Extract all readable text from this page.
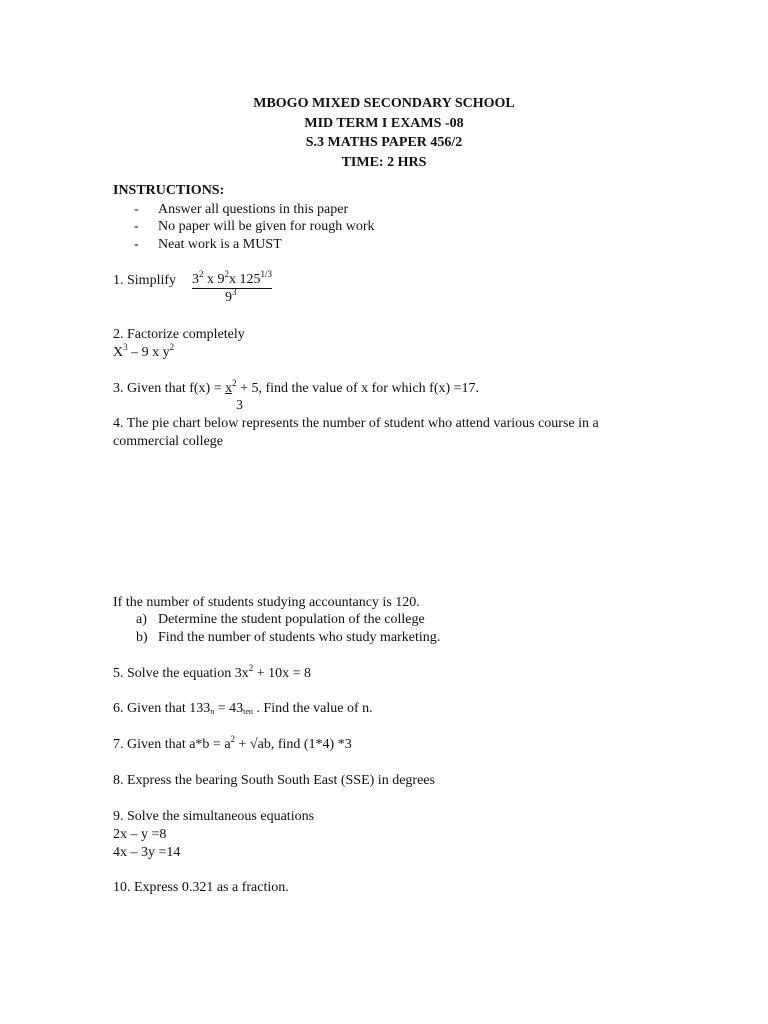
MBOGO MIXED SECONDARY SCHOOL
MID TERM I EXAMS -08
S.3 MATHS PAPER 456/2
TIME: 2 HRS
INSTRUCTIONS:
- Answer all questions in this paper
- No paper will be given for rough work
- Neat work is a MUST
1. Simplify $3^2$ x $9^2x$ $125^{1/3}$
$9^3$
2. Factorize completely
$X^3 - 9$ x $y^2$
3. Given that $f(x) = x^2 + 5$, find the value of x for which f(x) =17.
3
4. The pie chart below represents the number of student who attend various course in a
commercial college
If the number of students studying accountancy is 120.
a) Determine the student population of the college
b) Find the number of students who study marketing.
5. Solve the equation $3x^2 + 10x = 8$
6. Given that $133_n = 43_{ten}$ . Find the value of n.
7. Given that $a*b = a^2 + √ab$, find (1*4) *3
8. Express the bearing South South East (SSE) in degrees
9. Solve the simultaneous equations
2x – y =8
4x – 3y =14
10. Express 0.321 as a fraction.
